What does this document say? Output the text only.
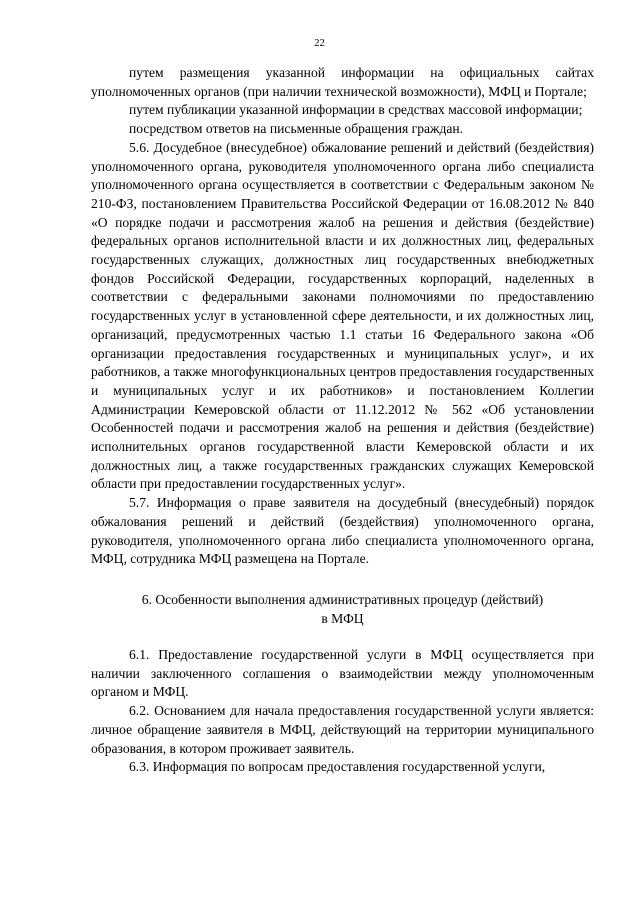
22

путем размещения указанной информации на официальных сайтах уполномоченных органов (при наличии технической возможности), МФЦ и Портале;

путем публикации указанной информации в средствах массовой информации;

посредством ответов на письменные обращения граждан.

5.6. Досудебное (внесудебное) обжалование решений и действий (бездействия) уполномоченного органа, руководителя уполномоченного органа либо специалиста уполномоченного органа осуществляется в соответствии с Федеральным законом № 210-ФЗ, постановлением Правительства Российской Федерации от 16.08.2012 № 840 «О порядке подачи и рассмотрения жалоб на решения и действия (бездействие) федеральных органов исполнительной власти и их должностных лиц, федеральных государственных служащих, должностных лиц государственных внебюджетных фондов Российской Федерации, государственных корпораций, наделенных в соответствии с федеральными законами полномочиями по предоставлению государственных услуг в установленной сфере деятельности, и их должностных лиц, организаций, предусмотренных частью 1.1 статьи 16 Федерального закона «Об организации предоставления государственных и муниципальных услуг», и их работников, а также многофункциональных центров предоставления государственных и муниципальных услуг и их работников» и постановлением Коллегии Администрации Кемеровской области от 11.12.2012 № 562 «Об установлении Особенностей подачи и рассмотрения жалоб на решения и действия (бездействие) исполнительных органов государственной власти Кемеровской области и их должностных лиц, а также государственных гражданских служащих Кемеровской области при предоставлении государственных услуг».

5.7. Информация о праве заявителя на досудебный (внесудебный) порядок обжалования решений и действий (бездействия) уполномоченного органа, руководителя, уполномоченного органа либо специалиста уполномоченного органа, МФЦ, сотрудника МФЦ размещена на Портале.

6. Особенности выполнения административных процедур (действий)
в МФЦ

6.1. Предоставление государственной услуги в МФЦ осуществляется при наличии заключенного соглашения о взаимодействии между уполномоченным органом и МФЦ.

6.2. Основанием для начала предоставления государственной услуги является: личное обращение заявителя в МФЦ, действующий на территории муниципального образования, в котором проживает заявитель.

6.3. Информация по вопросам предоставления государственной услуги,
